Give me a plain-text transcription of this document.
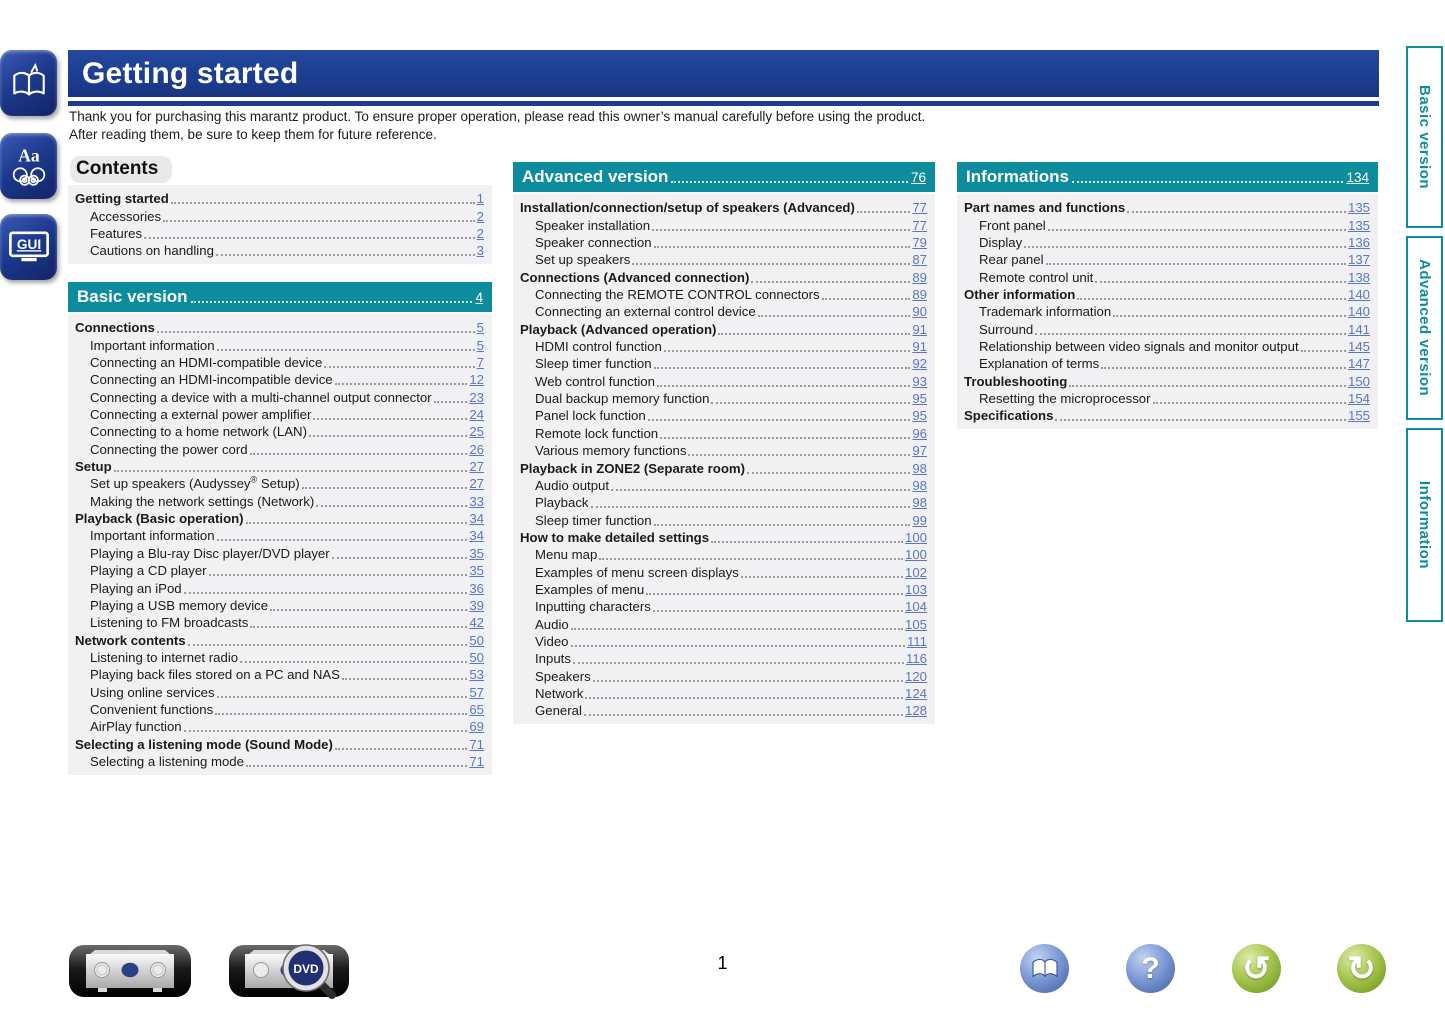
Aa
GUI
Getting started
Thank you for purchasing this marantz product. To ensure proper operation, please read this owner’s manual carefully before using the product.
After reading them, be sure to keep them for future reference.
Contents
Getting started	1
Accessories	2
Features	2
Cautions on handling	3
Basic version	4
Connections	5
Important information	5
Connecting an HDMI-compatible device	7
Connecting an HDMI-incompatible device	12
Connecting a device with a multi-channel output connector	23
Connecting a external power amplifier	24
Connecting to a home network (LAN)	25
Connecting the power cord	26
Setup	27
Set up speakers (Audyssey® Setup)	27
Making the network settings (Network)	33
Playback (Basic operation)	34
Important information	34
Playing a Blu-ray Disc player/DVD player	35
Playing a CD player	35
Playing an iPod	36
Playing a USB memory device	39
Listening to FM broadcasts	42
Network contents	50
Listening to internet radio	50
Playing back files stored on a PC and NAS	53
Using online services	57
Convenient functions	65
AirPlay function	69
Selecting a listening mode (Sound Mode)	71
Selecting a listening mode	71
Advanced version	76
Installation/connection/setup of speakers (Advanced)	77
Speaker installation	77
Speaker connection	79
Set up speakers	87
Connections (Advanced connection)	89
Connecting the REMOTE CONTROL connectors	89
Connecting an external control device	90
Playback (Advanced operation)	91
HDMI control function	91
Sleep timer function	92
Web control function	93
Dual backup memory function	95
Panel lock function	95
Remote lock function	96
Various memory functions	97
Playback in ZONE2 (Separate room)	98
Audio output	98
Playback	98
Sleep timer function	99
How to make detailed settings	100
Menu map	100
Examples of menu screen displays	102
Examples of menu	103
Inputting characters	104
Audio	105
Video	111
Inputs	116
Speakers	120
Network	124
General	128
Informations	134
Part names and functions	135
Front panel	135
Display	136
Rear panel	137
Remote control unit	138
Other information	140
Trademark information	140
Surround	141
Relationship between video signals and monitor output	145
Explanation of terms	147
Troubleshooting	150
Resetting the microprocessor	154
Specifications	155
Basic version
Advanced version
Information
DVD	1	? ↺ ↻
